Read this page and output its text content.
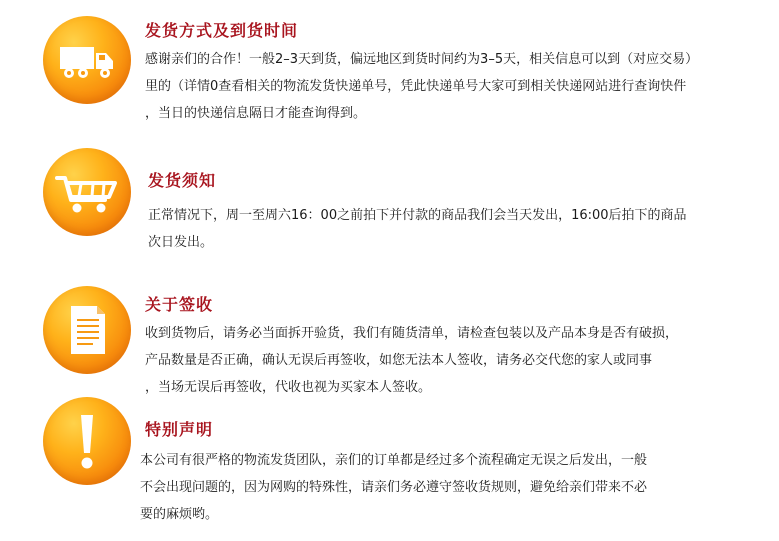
发货方式及到货时间
感谢亲们的合作！一般2–3天到货，偏远地区到货时间约为3–5天，相关信息可以到（对应交易）
里的（详情0查看相关的物流发货快递单号，凭此快递单号大家可到相关快递网站进行查询快件
，当日的快递信息隔日才能查询得到。
发货须知
正常情况下，周一至周六16：00之前拍下并付款的商品我们会当天发出，16:00后拍下的商品
次日发出。
关于签收
收到货物后，请务必当面拆开验货，我们有随货清单，请检查包装以及产品本身是否有破损，
产品数量是否正确，确认无误后再签收，如您无法本人签收，请务必交代您的家人或同事
，当场无误后再签收，代收也视为买家本人签收。
特别声明
本公司有很严格的物流发货团队，亲们的订单都是经过多个流程确定无误之后发出，一般
不会出现问题的，因为网购的特殊性，请亲们务必遵守签收货规则，避免给亲们带来不必
要的麻烦哟。
